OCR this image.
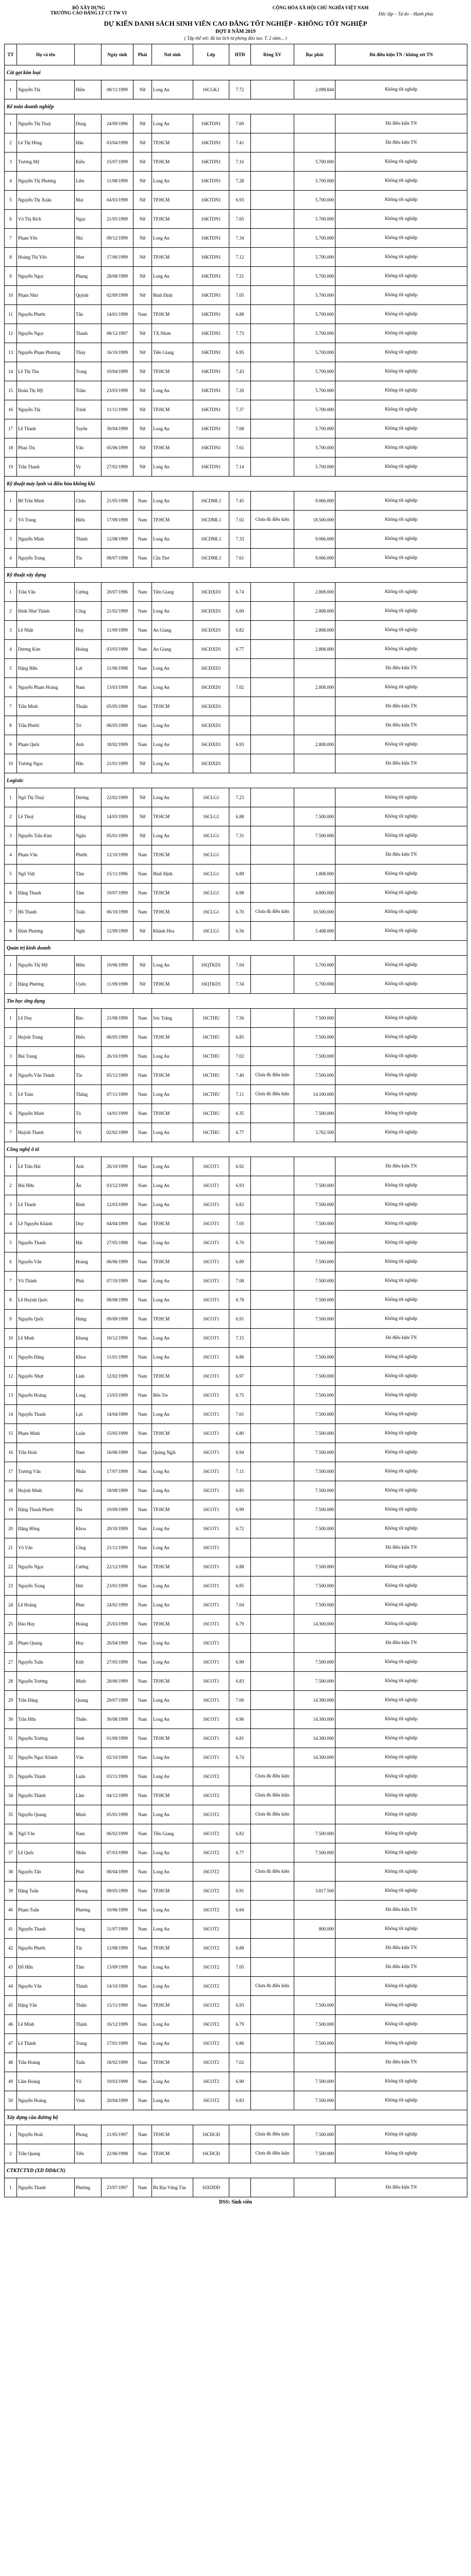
BỘ XÂY DỰNG
TRƯỜNG CAO ĐẲNG LT CT TW VI
CỘNG HÒA XÃ HỘI CHỦ NGHĨA VIỆT NAM
Độc lập – Tự do – Hạnh phúc
DỰ KIẾN DANH SÁCH SINH VIÊN CAO ĐẲNG TỐT NGHIỆP - KHÔNG TỐT NGHIỆP
ĐỢT 8 NĂM 2019
( Tập thể xét: đủ lai lịch tư phòng đào tạo. T. 2 năm... )
TT	Họ và tên		Ngày sinh	Phái	Nơi sinh	Lớp	HTĐ	Rèng XV	Bạc phát	Đủ điều kiện TN / không xét TN
Cắt gọt kim loại										
1	Nguyễn Thị	Hiền	08/11/1999	Nữ	Long An	16CGK1	7.72		2.098.844	Không tốt nghiệp
Kế toán doanh nghiệp										
1	Nguyễn Thị Thuỳ	Dung	24/09/1996	Nữ	Long An	16KTDN1	7.69			Đủ điều kiện TN
2	Lê Thị Hồng	Hân	03/04/1999	Nữ	TP.HCM	16KTDN1	7.41			Đủ điều kiện TN
3	Trương Mỹ	Kiều	15/07/1999	Nữ	TP.HCM	16KTDN1	7.16		5.700.000	Không tốt nghiệp
4	Nguyễn Thị Phương	Liên	11/08/1999	Nữ	Long An	16KTDN1	7.28		5.700.000	Không tốt nghiệp
5	Nguyễn Thị Xuân	Mai	04/03/1999	Nữ	TP.HCM	16KTDN1	6.93		5.700.000	Không tốt nghiệp
6	Võ Thị Bích	Ngọc	21/05/1999	Nữ	TP.HCM	16KTDN1	7.65		5.700.000	Không tốt nghiệp
7	Phạm Yến	Nhi	09/12/1999	Nữ	Long An	16KTDN1	7.34		5.700.000	Không tốt nghiệp
8	Hoàng Thị Yến	Như	17/06/1999	Nữ	TP.HCM	16KTDN1	7.12		5.700.000	Không tốt nghiệp
9	Nguyễn Ngọc	Phụng	28/08/1999	Nữ	Long An	16KTDN1	7.51		5.700.000	Không tốt nghiệp
10	Phạm Như	Quỳnh	02/09/1999	Nữ	Bình Định	16KTDN1	7.05		5.700.000	Không tốt nghiệp
11	Nguyễn Phước	Tân	14/01/1999	Nam	TP.HCM	16KTDN1	6.88		5.700.000	Không tốt nghiệp
12	Nguyễn Ngọc	Thanh	08/12/1997	Nữ	TX.Nhơn	16KTDN1	7.73		5.700.000	Không tốt nghiệp
13	Nguyễn Phạm Phương	Thùy	16/10/1999	Nữ	Tiền Giang	16KTDN1	6.95		5.700.000	Không tốt nghiệp
14	Lê Thị Thu	Trang	19/04/1999	Nữ	TP.HCM	16KTDN1	7.43		5.700.000	Không tốt nghiệp
15	Đoàn Thị Mỹ	Trâm	23/03/1999	Nữ	Long An	16KTDN1	7.20		5.700.000	Không tốt nghiệp
16	Nguyễn Thị	Trinh	11/11/1999	Nữ	TP.HCM	16KTDN1	7.37		5.700.000	Không tốt nghiệp
17	Lê Thanh	Tuyền	30/04/1999	Nữ	Long An	16KTDN1	7.08		5.700.000	Không tốt nghiệp
18	Phan Thị	Vân	05/06/1999	Nữ	TP.HCM	16KTDN1	7.61		5.700.000	Không tốt nghiệp
19	Trần Thanh	Vy	27/02/1999	Nữ	Long An	16KTDN1	7.14		5.700.000	Không tốt nghiệp
Kỹ thuật máy lạnh và điều hòa không khí										
1	Bế Trần Minh	Châu	21/05/1998	Nam	Long An	16CDML1	7.45		9.066.000	Không tốt nghiệp
2	Võ Trung	Hiếu	17/09/1999	Nam	TP.HCM	16CDML1	7.02	Chưa đủ điều kiện	18.500.000	Không tốt nghiệp
3	Nguyễn Minh	Thành	12/08/1999	Nam	Long An	16CDML1	7.33		9.066.000	Không tốt nghiệp
4	Nguyễn Trung	Tín	08/07/1998	Nam	Cần Thơ	16CDML1	7.61		9.066.000	Không tốt nghiệp
Kỹ thuật xây dựng										
1	Trần Văn	Cường	20/07/1996	Nam	Tiền Giang	16CĐXD1	6.74		2.808.000	Không tốt nghiệp
2	Đinh Như Thành	Công	21/02/1999	Nam	Long An	16CĐXD1	6.60		2.808.000	Không tốt nghiệp
3	Lê Nhật	Duy	11/09/1999	Nam	An Giang	16CĐXD1	6.82		2.808.000	Không tốt nghiệp
4	Dương Kim	Hoàng	03/03/1999	Nam	An Giang	16CĐXD1	6.77		2.808.000	Không tốt nghiệp
5	Đặng Hữu	Lợi	11/06/1998	Nam	Long An	16CĐXD1				Đủ điều kiện TN
6	Nguyễn Phạm Hoàng	Nam	13/03/1999	Nam	Long An	16CĐXD1	7.02		2.808.000	Không tốt nghiệp
7	Trần Minh	Thuận	05/05/1999	Nam	TP.HCM	16CĐXD1				Đủ điều kiện TN
8	Trần Phước	Trí	06/05/1999	Nam	Long An	16CĐXD1				Đủ điều kiện TN
9	Phạm Quốc	Anh	18/02/1999	Nam	Long An	16CĐXD1	6.93		2.808.000	Không tốt nghiệp
10	Trương Ngọc	Hân	21/01/1999	Nữ	Long An	16CĐXD1				Đủ điều kiện TN
Logistic										
1	Ngô Thị Thuỳ	Dương	22/02/1999	Nữ	Long An	16CLG1	7.23			Không tốt nghiệp
2	Lê Thuý	Hằng	14/03/1999	Nữ	TP.HCM	16CLG1	6.88		7.500.000	Không tốt nghiệp
3	Nguyễn Trần Kim	Ngân	05/01/1999	Nữ	Long An	16CLG1	7.31		7.500.000	Không tốt nghiệp
4	Phạm Văn	Phước	12/10/1999	Nam	TP.HCM	16CLG1				Đủ điều kiện TN
5	Ngô Việt	Tâm	15/11/1996	Nam	Bình Định	16CLG1	6.89		1.808.000	Không tốt nghiệp
6	Đặng Thanh	Tâm	19/07/1999	Nam	TP.HCM	16CLG1	6.98		4.800.000	Không tốt nghiệp
7	Hồ Thanh	Tuấn	06/10/1999	Nam	TP.HCM	16CLG1	6.70	Chưa đủ điều kiện	10.500.000	Không tốt nghiệp
8	Đinh Phương	Nghi	12/09/1999	Nữ	Khánh Hòa	16CLG1	6.56		5.408.000	Không tốt nghiệp
Quản trị kinh doanh										
1	Nguyễn Thị Mỹ	Hiền	10/06/1999	Nữ	Long An	16QTKD1	7.04		5.700.000	Không tốt nghiệp
2	Đặng Phương	Uyên	11/09/1999	Nữ	TP.HCM	16QTKD1	7.34		5.700.000	Không tốt nghiệp
Tin học ứng dụng										
1	Lê Duy	Bảo	21/08/1999	Nam	Sóc Trăng	16CTHU	7.56		7.500.000	Không tốt nghiệp
2	Huỳnh Trung	Hiếu	06/05/1999	Nam	TP.HCM	16CTHU	6.85		7.500.000	Không tốt nghiệp
3	Bùi Trung	Hiếu	26/10/1999	Nam	Long An	16CTHU	7.02		7.500.000	Không tốt nghiệp
4	Nguyễn Văn Thành	Tín	05/12/1999	Nam	TP.HCM	16CTHU	7.40	Chưa đủ điều kiện	7.500.000	Không tốt nghiệp
5	Lê Toàn	Thắng	07/11/1999	Nam	Long An	16CTHU	7.11	Chưa đủ điều kiện	14.100.000	Không tốt nghiệp
6	Nguyễn Minh	Tú	14/01/1999	Nam	TP.HCM	16CTHU	6.35		7.500.000	Không tốt nghiệp
7	Huỳnh Thanh	Vũ	02/02/1999	Nam	Long An	16CTHU	6.77		3.762.500	Không tốt nghiệp
Công nghệ ô tô										
1	Lê Trần Hải	Anh	26/10/1999	Nam	Long An	16COT1	6.92			Đủ điều kiện TN
2	Bùi Hữu	Ân	03/12/1999	Nam	Long An	16COT1	6.93		7.500.000	Không tốt nghiệp
3	Lê Thanh	Bình	12/03/1999	Nam	Long An	16COT1	6.82		7.500.000	Không tốt nghiệp
4	Lê Nguyễn Khánh	Duy	04/04/1999	Nam	TP.HCM	16COT1	7.05		7.500.000	Không tốt nghiệp
5	Nguyễn Thanh	Hải	27/05/1998	Nam	Long An	16COT1	6.70		7.500.000	Không tốt nghiệp
6	Nguyễn Văn	Hoàng	06/06/1999	Nam	TP.HCM	16COT1	6.89		7.500.000	Không tốt nghiệp
7	Võ Thành	Phát	07/10/1999	Nam	Long An	16COT1	7.08		7.500.000	Không tốt nghiệp
8	Lê Huỳnh Quốc	Huy	08/08/1999	Nam	Long An	16COT1	6.78		7.500.000	Không tốt nghiệp
9	Nguyễn Quốc	Hưng	09/09/1999	Nam	TP.HCM	16COT1	6.91		7.500.000	Không tốt nghiệp
10	Lê Minh	Khang	10/12/1999	Nam	Long An	16COT1	7.15			Đủ điều kiện TN
11	Nguyễn Đăng	Khoa	11/01/1999	Nam	Long An	16COT1	6.86		7.500.000	Không tốt nghiệp
12	Nguyễn Nhựt	Linh	12/02/1999	Nam	TP.HCM	16COT1	6.97		7.500.000	Không tốt nghiệp
13	Nguyễn Hoàng	Long	13/03/1999	Nam	Bến Tre	16COT1	6.75		7.500.000	Không tốt nghiệp
14	Nguyễn Thanh	Lực	14/04/1999	Nam	Long An	16COT1	7.01		7.500.000	Không tốt nghiệp
15	Phạm Minh	Luân	15/05/1999	Nam	TP.HCM	16COT1	6.80		7.500.000	Không tốt nghiệp
16	Trần Hoài	Nam	16/06/1999	Nam	Quảng Ngãi	16COT1	6.94		7.500.000	Không tốt nghiệp
17	Trương Văn	Nhân	17/07/1999	Nam	Long An	16COT1	7.11		7.500.000	Không tốt nghiệp
18	Huỳnh Minh	Phú	18/08/1999	Nam	Long An	16COT1	6.85		7.500.000	Không tốt nghiệp
19	Đặng Thanh Phước	Thi	19/09/1999	Nam	TP.HCM	16COT1	6.99		7.500.000	Không tốt nghiệp
20	Đặng Hồng	Khoa	20/10/1999	Nam	Long An	16COT1	6.72		7.500.000	Không tốt nghiệp
21	Võ Văn	Công	21/11/1999	Nam	Long An	16COT1				Đủ điều kiện TN
22	Nguyễn Ngọc	Cường	22/12/1999	Nam	TP.HCM	16COT1	6.88		7.500.000	Không tốt nghiệp
23	Nguyễn Trọng	Đức	23/01/1999	Nam	Long An	16COT1	6.95		7.500.000	Không tốt nghiệp
24	Lê Hoàng	Phúc	24/02/1999	Nam	Long An	16COT1	7.04		7.500.000	Không tốt nghiệp
25	Đào Huy	Hoàng	25/03/1999	Nam	TP.HCM	16COT1	6.79		14.300.000	Không tốt nghiệp
26	Phạm Quang	Huy	26/04/1999	Nam	Long An	16COT1				Đủ điều kiện TN
27	Nguyễn Tuấn	Kiệt	27/05/1999	Nam	Long An	16COT1	6.90		7.500.000	Không tốt nghiệp
28	Nguyễn Trương	Minh	28/06/1999	Nam	TP.HCM	16COT1	6.83		7.500.000	Không tốt nghiệp
29	Trần Đăng	Quang	29/07/1999	Nam	Long An	16COT1	7.06		14.300.000	Không tốt nghiệp
30	Trần Hữu	Thiện	30/08/1999	Nam	Long An	16COT1	6.96		14.300.000	Không tốt nghiệp
31	Nguyễn Trường	Sinh	01/09/1999	Nam	TP.HCM	16COT1	6.81		14.300.000	Không tốt nghiệp
32	Nguyễn Ngọc Khánh	Văn	02/10/1999	Nam	Long An	16COT1	6.74		14.300.000	Không tốt nghiệp
33	Nguyễn Thành	Luân	03/11/1999	Nam	Long An	16COT2		Chưa đủ điều kiện		Không tốt nghiệp
34	Nguyễn Thành	Lâm	04/12/1999	Nam	TP.HCM	16COT2		Chưa đủ điều kiện		Không tốt nghiệp
35	Nguyễn Quang	Minh	05/01/1999	Nam	Long An	16COT2		Chưa đủ điều kiện		Không tốt nghiệp
36	Ngô Văn	Nam	06/02/1999	Nam	Tiền Giang	16COT2	6.82		7.500.000	Không tốt nghiệp
37	Lê Quốc	Nhân	07/03/1999	Nam	Long An	16COT2	6.77		7.500.000	Không tốt nghiệp
38	Nguyễn Tấn	Phát	08/04/1999	Nam	Long An	16COT2		Chưa đủ điều kiện		Không tốt nghiệp
39	Đặng Tuấn	Phong	09/05/1999	Nam	TP.HCM	16COT2	6.91		3.817.500	Không tốt nghiệp
40	Phạm Tuấn	Phương	10/06/1999	Nam	Long An	16COT2	6.84			Đủ điều kiện TN
41	Nguyễn Thanh	Sang	11/07/1999	Nam	Long An	16COT2			800.000	Không tốt nghiệp
42	Nguyễn Phước	Tài	12/08/1999	Nam	TP.HCM	16COT2	6.88			Đủ điều kiện TN
43	Đỗ Hữu	Tâm	13/09/1999	Nam	Long An	16COT2	7.05			Đủ điều kiện TN
44	Nguyễn Văn	Thành	14/10/1999	Nam	Long An	16COT2		Chưa đủ điều kiện		Không tốt nghiệp
45	Đặng Văn	Thiện	15/11/1999	Nam	TP.HCM	16COT2	6.93		7.500.000	Không tốt nghiệp
46	Lê Minh	Thịnh	16/12/1999	Nam	Long An	16COT2	6.79		7.500.000	Không tốt nghiệp
47	Lê Thành	Trung	17/01/1999	Nam	Long An	16COT2	6.86		7.500.000	Không tốt nghiệp
48	Trần Hoàng	Tuấn	18/02/1999	Nam	TP.HCM	16COT2	7.02			Đủ điều kiện TN
49	Lâm Hoàng	Vũ	19/03/1999	Nam	Long An	16COT2	6.90		7.500.000	Không tốt nghiệp
50	Nguyễn Hoàng	Vinh	20/04/1999	Nam	Long An	16COT2	6.83		7.500.000	Không tốt nghiệp
Xây dựng cầu đường bộ										
1	Nguyễn Hoài	Phong	21/05/1997	Nam	TP.HCM	16CĐCĐ		Chưa đủ điều kiện	7.500.000	Không tốt nghiệp
2	Trần Quang	Tiến	22/06/1998	Nam	TP.HCM	16CĐCĐ		Chưa đủ điều kiện	7.500.000	Không tốt nghiệp
CTKTCTXD (XD DD&CN)										
1	Nguyễn Thanh	Phương	23/07/1997	Nam	Bà Rịa-Vũng Tàu	16XDDD				Đủ điều kiện TN
DSS: Sinh viên
